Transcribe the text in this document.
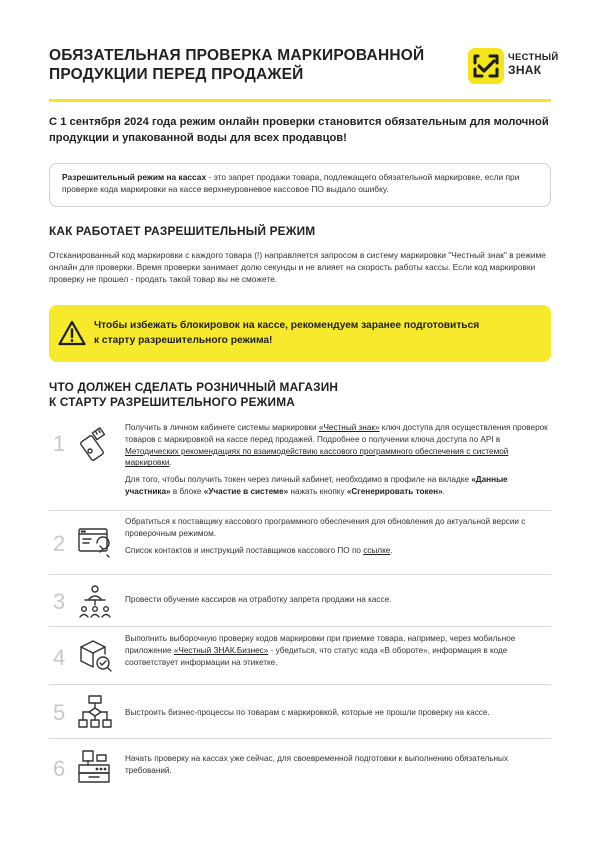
ОБЯЗАТЕЛЬНАЯ ПРОВЕРКА МАРКИРОВАННОЙ
ПРОДУКЦИИ ПЕРЕД ПРОДАЖЕЙ
ЧЕСТНЫЙ
ЗНАК
С 1 сентября 2024 года режим онлайн проверки становится обязательным для молочной продукции и упакованной воды для всех продавцов!
Разрешительный режим на кассах - это запрет продажи товара, подлежащего обязательной маркировке, если при проверке кода маркировки на кассе верхнеуровневое кассовое ПО выдало ошибку.
КАК РАБОТАЕТ РАЗРЕШИТЕЛЬНЫЙ РЕЖИМ
Отсканированный код маркировки с каждого товара (!) направляется запросом в систему маркировки "Честный знак" в режиме онлайн для проверки. Время проверки занимает долю секунды и не влияет на скорость работы кассы. Если код маркировки проверку не прошел - продать такой товар вы не сможете.
Чтобы избежать блокировок на кассе, рекомендуем заранее подготовиться
к старту разрешительного режима!
ЧТО ДОЛЖЕН СДЕЛАТЬ РОЗНИЧНЫЙ МАГАЗИН
К СТАРТУ РАЗРЕШИТЕЛЬНОГО РЕЖИМА
1

Получить в личном кабинете системы маркировки «Честный знак» ключ доступа для осуществления проверок товаров с маркировкой на кассе перед продажей. Подробнее о получении ключа доступа по API в Методических рекомендациях по взаимодействию кассового программного обеспечения с системой маркировки.

Для того, чтобы получить токен через личный кабинет, необходимо в профиле на вкладке «Данные участника» в блоке «Участие в системе» нажать кнопку «Сгенерировать токен».

2

Обратиться к поставщику кассового программного обеспечения для обновления до актуальной версии с проверочным режимом.

Список контактов и инструкций поставщиков кассового ПО по ссылке.

3	Провести обучение кассиров на отработку запрета продажи на кассе.
4
Выполнить выборочную проверку кодов маркировки при приемке товара, например, через мобильное приложение «Честный ЗНАК.Бизнес» - убедиться, что статус кода «В обороте», информация в коде соответствует информации на этикетке.
5	Выстроить бизнес-процессы по товарам с маркировкой, которые не прошли проверку на кассе.
6	Начать проверку на кассах уже сейчас, для своевременной подготовки к выполнению обязательных требований.
